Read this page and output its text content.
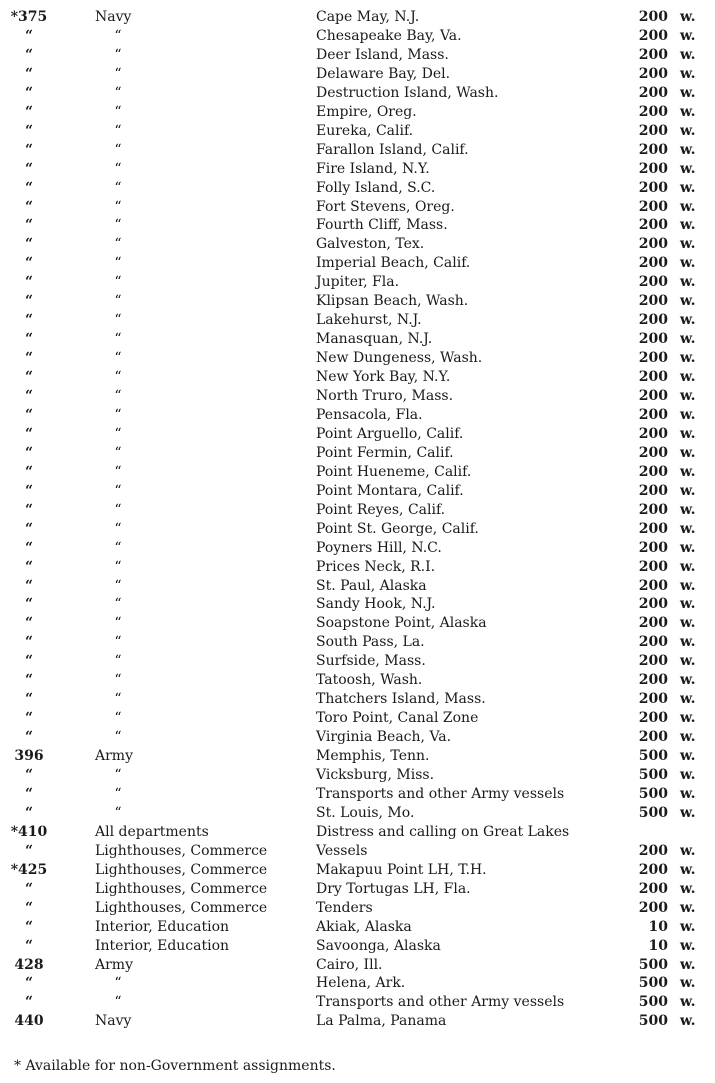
*375	Navy	Cape May, N.J.	200 w.
“	“	Chesapeake Bay, Va.	200 w.
“	“	Deer Island, Mass.	200 w.
“	“	Delaware Bay, Del.	200 w.
“	“	Destruction Island, Wash.	200 w.
“	“	Empire, Oreg.	200 w.
“	“	Eureka, Calif.	200 w.
“	“	Farallon Island, Calif.	200 w.
“	“	Fire Island, N.Y.	200 w.
“	“	Folly Island, S.C.	200 w.
“	“	Fort Stevens, Oreg.	200 w.
“	“	Fourth Cliff, Mass.	200 w.
“	“	Galveston, Tex.	200 w.
“	“	Imperial Beach, Calif.	200 w.
“	“	Jupiter, Fla.	200 w.
“	“	Klipsan Beach, Wash.	200 w.
“	“	Lakehurst, N.J.	200 w.
“	“	Manasquan, N.J.	200 w.
“	“	New Dungeness, Wash.	200 w.
“	“	New York Bay, N.Y.	200 w.
“	“	North Truro, Mass.	200 w.
“	“	Pensacola, Fla.	200 w.
“	“	Point Arguello, Calif.	200 w.
“	“	Point Fermin, Calif.	200 w.
“	“	Point Hueneme, Calif.	200 w.
“	“	Point Montara, Calif.	200 w.
“	“	Point Reyes, Calif.	200 w.
“	“	Point St. George, Calif.	200 w.
“	“	Poyners Hill, N.C.	200 w.
“	“	Prices Neck, R.I.	200 w.
“	“	St. Paul, Alaska	200 w.
“	“	Sandy Hook, N.J.	200 w.
“	“	Soapstone Point, Alaska	200 w.
“	“	South Pass, La.	200 w.
“	“	Surfside, Mass.	200 w.
“	“	Tatoosh, Wash.	200 w.
“	“	Thatchers Island, Mass.	200 w.
“	“	Toro Point, Canal Zone	200 w.
“	“	Virginia Beach, Va.	200 w.
396	Army	Memphis, Tenn.	500 w.
“	“	Vicksburg, Miss.	500 w.
“	“	Transports and other Army vessels	500 w.
“	“	St. Louis, Mo.	500 w.
*410	All departments	Distress and calling on Great Lakes
“	Lighthouses, Commerce	Vessels	200 w.
*425	Lighthouses, Commerce	Makapuu Point LH, T.H.	200 w.
“	Lighthouses, Commerce	Dry Tortugas LH, Fla.	200 w.
“	Lighthouses, Commerce	Tenders	200 w.
“	Interior, Education	Akiak, Alaska	10 w.
“	Interior, Education	Savoonga, Alaska	10 w.
428	Army	Cairo, Ill.	500 w.
“	“	Helena, Ark.	500 w.
“	“	Transports and other Army vessels	500 w.
440	Navy	La Palma, Panama	500 w.
* Available for non-Government assignments.
